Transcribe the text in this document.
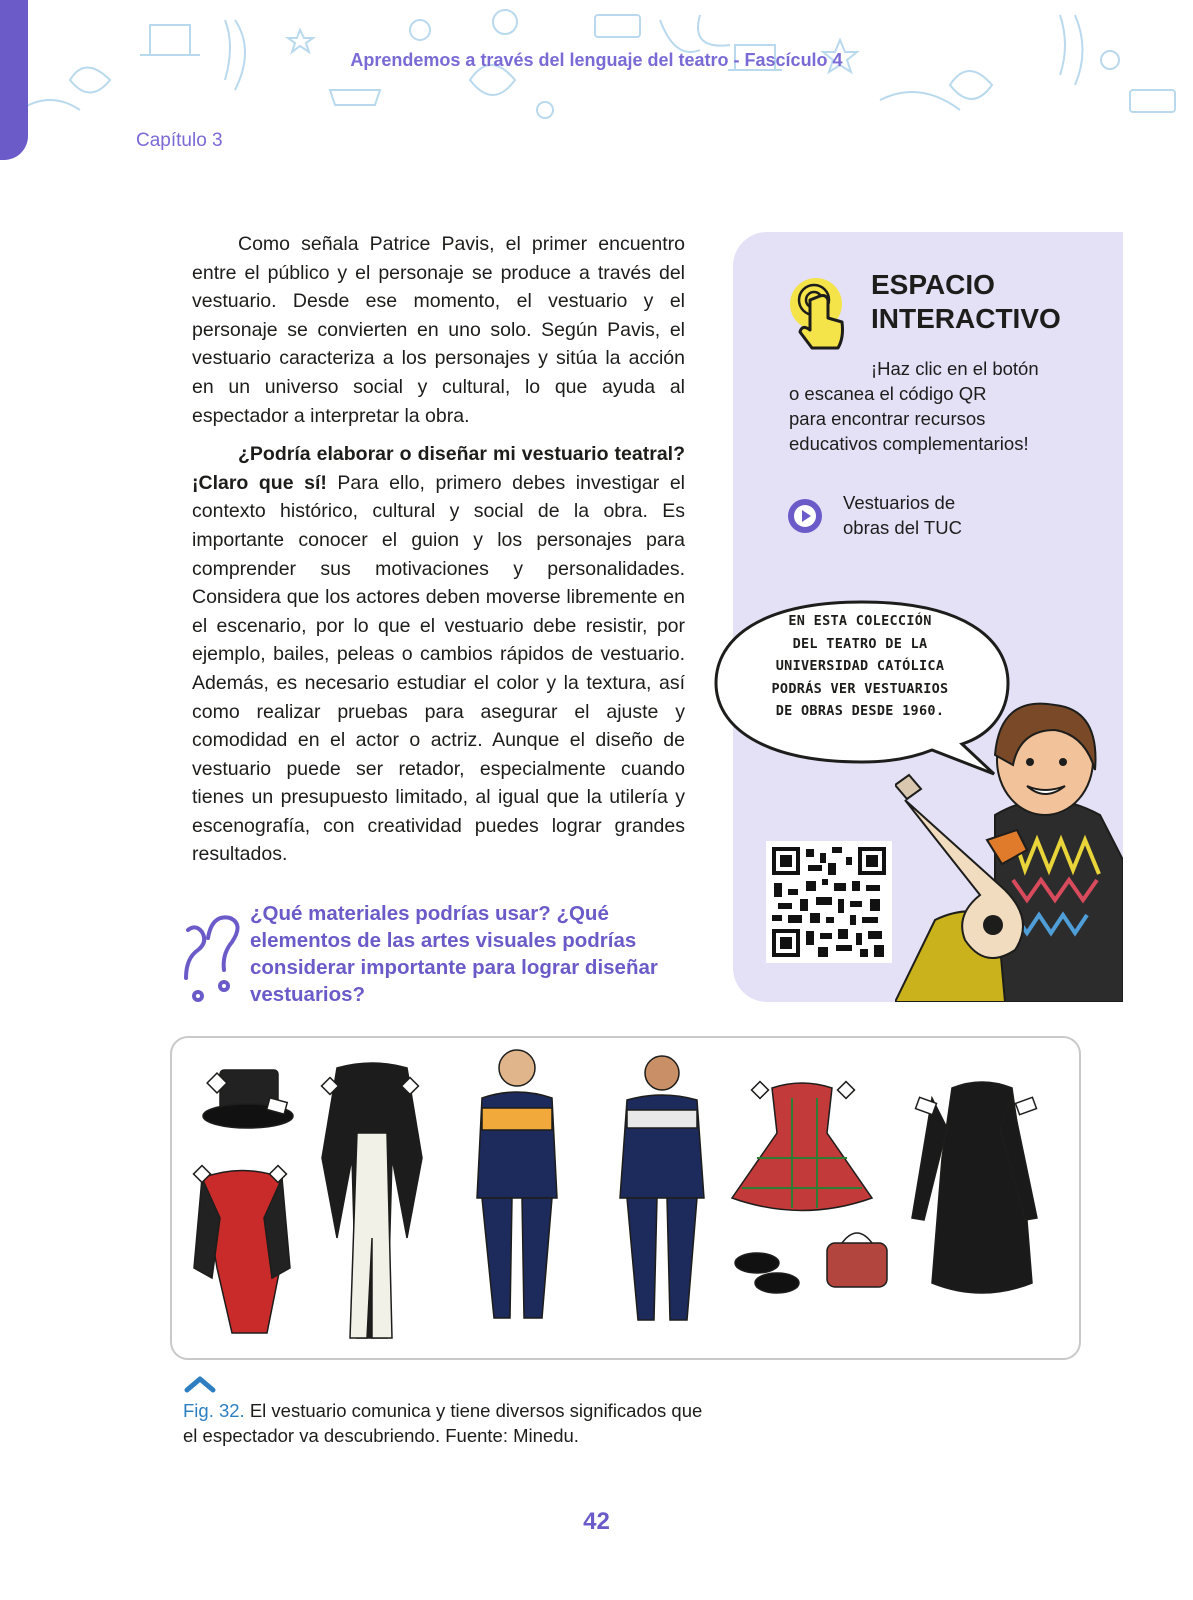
Aprendemos a través del lenguaje del teatro - Fascículo 4
Capítulo 3

Como señala Patrice Pavis, el primer encuentro entre el público y el personaje se produce a través del vestuario. Desde ese momento, el vestuario y el personaje se convierten en uno solo. Según Pavis, el vestuario caracteriza a los personajes y sitúa la acción en un universo social y cultural, lo que ayuda al espectador a interpretar la obra.

¿Podría elaborar o diseñar mi vestuario teatral? ¡Claro que sí! Para ello, primero debes investigar el contexto histórico, cultural y social de la obra. Es importante conocer el guion y los personajes para comprender sus motivaciones y personalidades. Considera que los actores deben moverse libremente en el escenario, por lo que el vestuario debe resistir, por ejemplo, bailes, peleas o cambios rápidos de vestuario. Además, es necesario estudiar el color y la textura, así como realizar pruebas para asegurar el ajuste y comodidad en el actor o actriz. Aunque el diseño de vestuario puede ser retador, especialmente cuando tienes un presupuesto limitado, al igual que la utilería y escenografía, con creatividad puedes lograr grandes resultados.

¿Qué materiales podrías usar? ¿Qué elementos de las artes visuales podrías considerar importante para lograr diseñar vestuarios?
ESPACIO
INTERACTIVO
¡Haz clic en el botón
o escanea el código QR
para encontrar recursos
educativos complementarios!
Vestuarios de
obras del TUC
EN ESTA COLECCIÓN
DEL TEATRO DE LA
UNIVERSIDAD CATÓLICA
PODRÁS VER VESTUARIOS
DE OBRAS DESDE 1960.
Fig. 32. El vestuario comunica y tiene diversos significados que el espectador va descubriendo. Fuente: Minedu.
42
